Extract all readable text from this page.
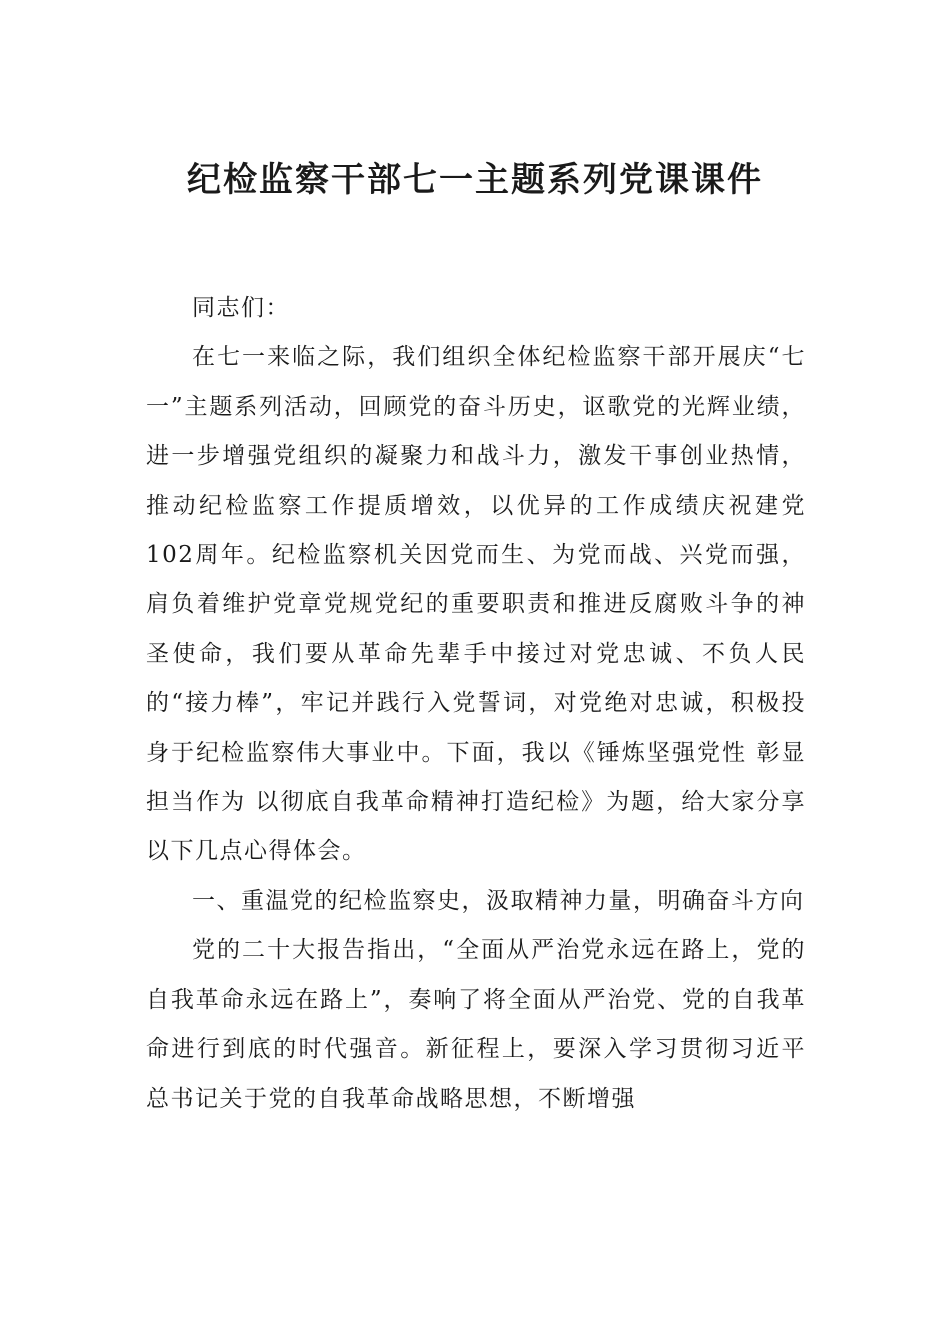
纪检监察干部七一主题系列党课课件

同志们：

在七一来临之际，我们组织全体纪检监察干部开展庆“七一”主题系列活动，回顾党的奋斗历史，讴歌党的光辉业绩，进一步增强党组织的凝聚力和战斗力，激发干事创业热情，推动纪检监察工作提质增效，以优异的工作成绩庆祝建党102周年。纪检监察机关因党而生、为党而战、兴党而强，肩负着维护党章党规党纪的重要职责和推进反腐败斗争的神圣使命，我们要从革命先辈手中接过对党忠诚、不负人民的“接力棒”，牢记并践行入党誓词，对党绝对忠诚，积极投身于纪检监察伟大事业中。下面，我以《锤炼坚强党性 彰显担当作为 以彻底自我革命精神打造纪检》为题，给大家分享以下几点心得体会。

一、重温党的纪检监察史，汲取精神力量，明确奋斗方向

党的二十大报告指出，“全面从严治党永远在路上，党的自我革命永远在路上”，奏响了将全面从严治党、党的自我革命进行到底的时代强音。新征程上，要深入学习贯彻习近平总书记关于党的自我革命战略思想，不断增强
